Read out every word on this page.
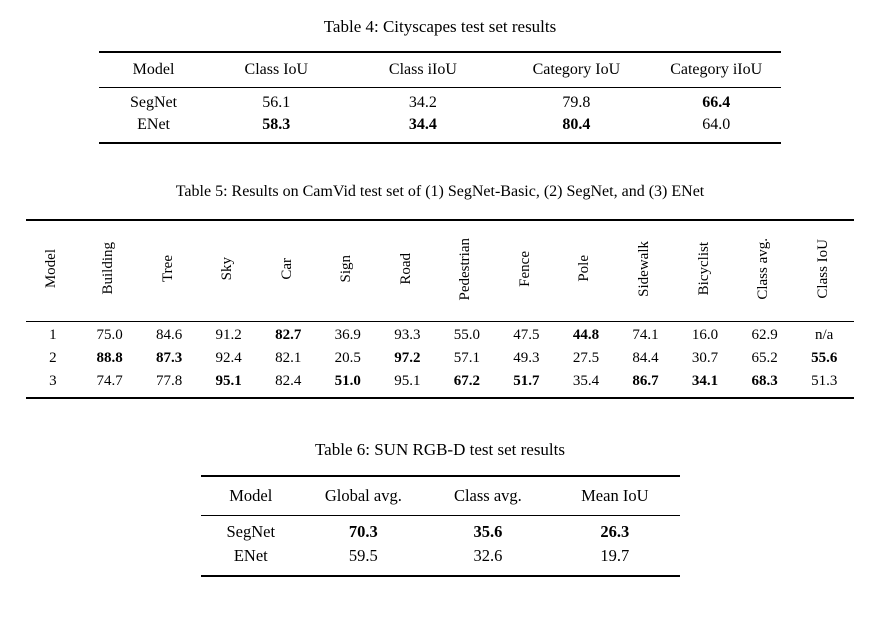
Table 4: Cityscapes test set results
Model	Class IoU	Class iIoU	Category IoU	Category iIoU
SegNet	56.1	34.2	79.8	66.4
ENet	58.3	34.4	80.4	64.0
Table 5: Results on CamVid test set of (1) SegNet-Basic, (2) SegNet, and (3) ENet
Model	Building	Tree	Sky	Car	Sign	Road	Pedestrian	Fence	Pole	Sidewalk	Bicyclist	Class avg.	Class IoU
1	75.0	84.6	91.2	82.7	36.9	93.3	55.0	47.5	44.8	74.1	16.0	62.9	n/a
2	88.8	87.3	92.4	82.1	20.5	97.2	57.1	49.3	27.5	84.4	30.7	65.2	55.6
3	74.7	77.8	95.1	82.4	51.0	95.1	67.2	51.7	35.4	86.7	34.1	68.3	51.3
Table 6: SUN RGB-D test set results
Model	Global avg.	Class avg.	Mean IoU
SegNet	70.3	35.6	26.3
ENet	59.5	32.6	19.7
